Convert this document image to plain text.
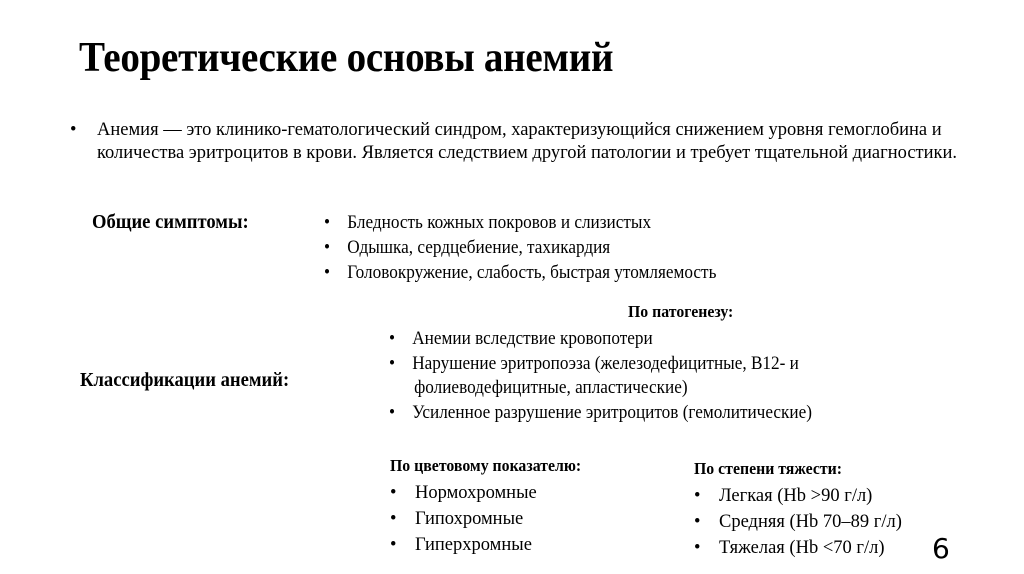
Теоретические основы анемий
• Анемия — это клинико-гематологический синдром, характеризующийся снижением уровня гемоглобина и количества эритроцитов в крови. Является следствием другой патологии и требует тщательной диагностики.
Общие симптомы:	• Бледность кожных покровов и слизистых
• Одышка, сердцебиение, тахикардия
• Головокружение, слабость, быстрая утомляемость
Классификации анемий:
По патогенезу:
• Анемии вследствие кровопотери
• Нарушение эритропоэза (железодефицитные, В12- и
фолиеводефицитные, апластические)
• Усиленное разрушение эритроцитов (гемолитические)
По цветовому показателю:
• Нормохромные
• Гипохромные
• Гиперхромные
По степени тяжести:
• Легкая (Hb >90 г/л)
• Средняя (Hb 70–89 г/л)
• Тяжелая (Hb <70 г/л)	6
